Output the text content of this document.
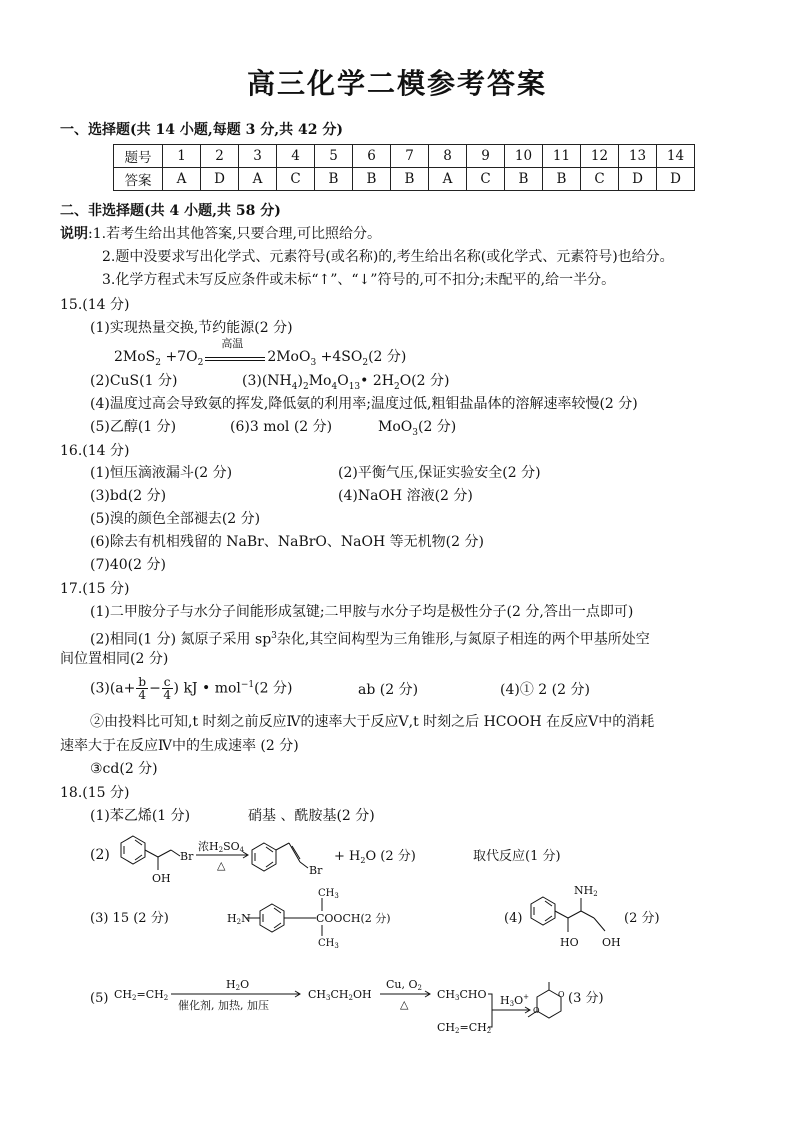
高三化学二模参考答案
一、选择题(共 14 小题,每题 3 分,共 42 分)
题号	1	2	3	4	5	6	7	8	9	10	11	12	13	14
答案	A	D	A	C	B	B	B	A	C	B	B	C	D	D
二、非选择题(共 4 小题,共 58 分)
说明:1.若考生给出其他答案,只要合理,可比照给分。
2.题中没要求写出化学式、元素符号(或名称)的,考生给出名称(或化学式、元素符号)也给分。
3.化学方程式未写反应条件或未标“↑”、“↓”符号的,可不扣分;未配平的,给一半分。
15.(14 分)
(1)实现热量交换,节约能源(2 分)
$2MoS_2 +7O_2$
高温
$2MoO_3 +4SO_2(2$ 分)
(2)CuS(1 分)	$(3)(NH_4)_2Mo_4O_{13}•$ $2H_2O(2$ 分)
(4)温度过高会导致氨的挥发,降低氨的利用率;温度过低,粗钼盐晶体的溶解速率较慢(2 分)
(5)乙醇(1 分)	(6)3 mol (2 分)	MoO$_3$(2 分)
16.(14 分)
(1)恒压滴液漏斗(2 分)	(2)平衡气压,保证实验安全(2 分)
(3)bd(2 分)	(4)NaOH 溶液(2 分)
(5)溴的颜色全部褪去(2 分)
(6)除去有机相残留的 NaBr、NaBrO、NaOH 等无机物(2 分)
(7)40(2 分)
17.(15 分)
(1)二甲胺分子与水分子间能形成氢键;二甲胺与水分子均是极性分子(2 分,答出一点即可)
(2)相同(1 分) 氮原子采用 $sp^3$杂化,其空间构型为三角锥形,与氮原子相连的两个甲基所处空
间位置相同(2 分)
$(3)(a+ \frac{b}{4} - \frac{c}{4}$ ) kJ • mol$^{-1}$(2 分)	ab (2 分)	(4)① 2 (2 分)
②由投料比可知,t 时刻之前反应Ⅳ的速率大于反应Ⅴ,t 时刻之后 HCOOH 在反应Ⅴ中的消耗
速率大于在反应Ⅳ中的生成速率 (2 分)
③cd(2 分)
18.(15 分)
(1)苯乙烯(1 分)	硝基 、酰胺基(2 分)
(2)
OH
Br
浓H2SO4
△	Br
+ $H_2O$ (2 分)	取代反应(1 分)
(3) 15 (2 分)	H2N
$CH_3$
COOCH(2 分)
$CH_3$
(4)
NH2
HO OH
(2 分)
(5) CH2=CH2
H2O
催化剂, 加热, 加压
CH3CH2OH
Cu, O2
△
CH3CHO H3O+
CH2=CH2
O
O
(3 分)
